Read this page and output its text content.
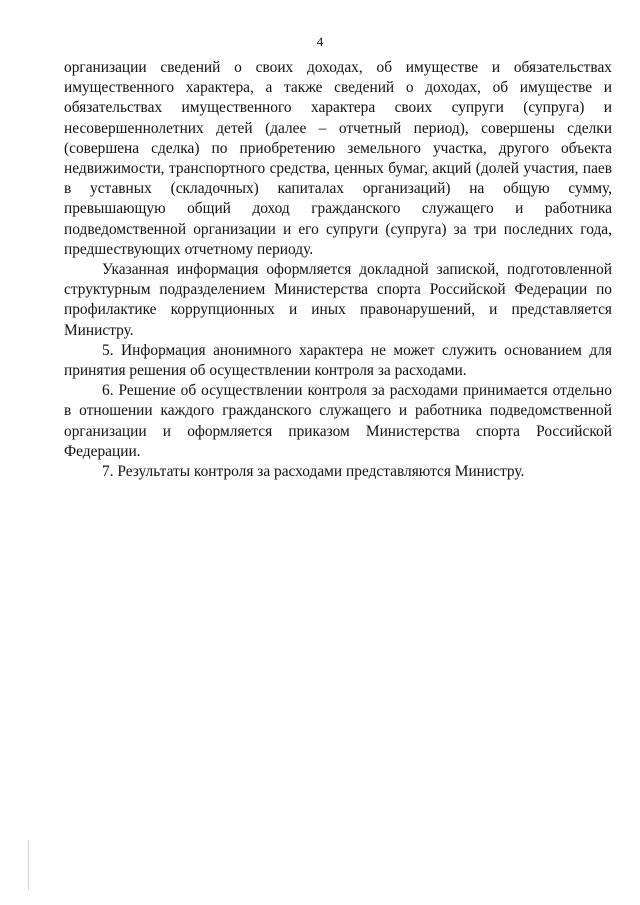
4

организации сведений о своих доходах, об имуществе и обязательствах имущественного характера, а также сведений о доходах, об имуществе и обязательствах имущественного характера своих супруги (супруга) и несовершеннолетних детей (далее – отчетный период), совершены сделки (совершена сделка) по приобретению земельного участка, другого объекта недвижимости, транспортного средства, ценных бумаг, акций (долей участия, паев в уставных (складочных) капиталах организаций) на общую сумму, превышающую общий доход гражданского служащего и работника подведомственной организации и его супруги (супруга) за три последних года, предшествующих отчетному периоду.

Указанная информация оформляется докладной запиской, подготовленной структурным подразделением Министерства спорта Российской Федерации по профилактике коррупционных и иных правонарушений, и представляется Министру.

5. Информация анонимного характера не может служить основанием для принятия решения об осуществлении контроля за расходами.

6. Решение об осуществлении контроля за расходами принимается отдельно в отношении каждого гражданского служащего и работника подведомственной организации и оформляется приказом Министерства спорта Российской Федерации.

7. Результаты контроля за расходами представляются Министру.
